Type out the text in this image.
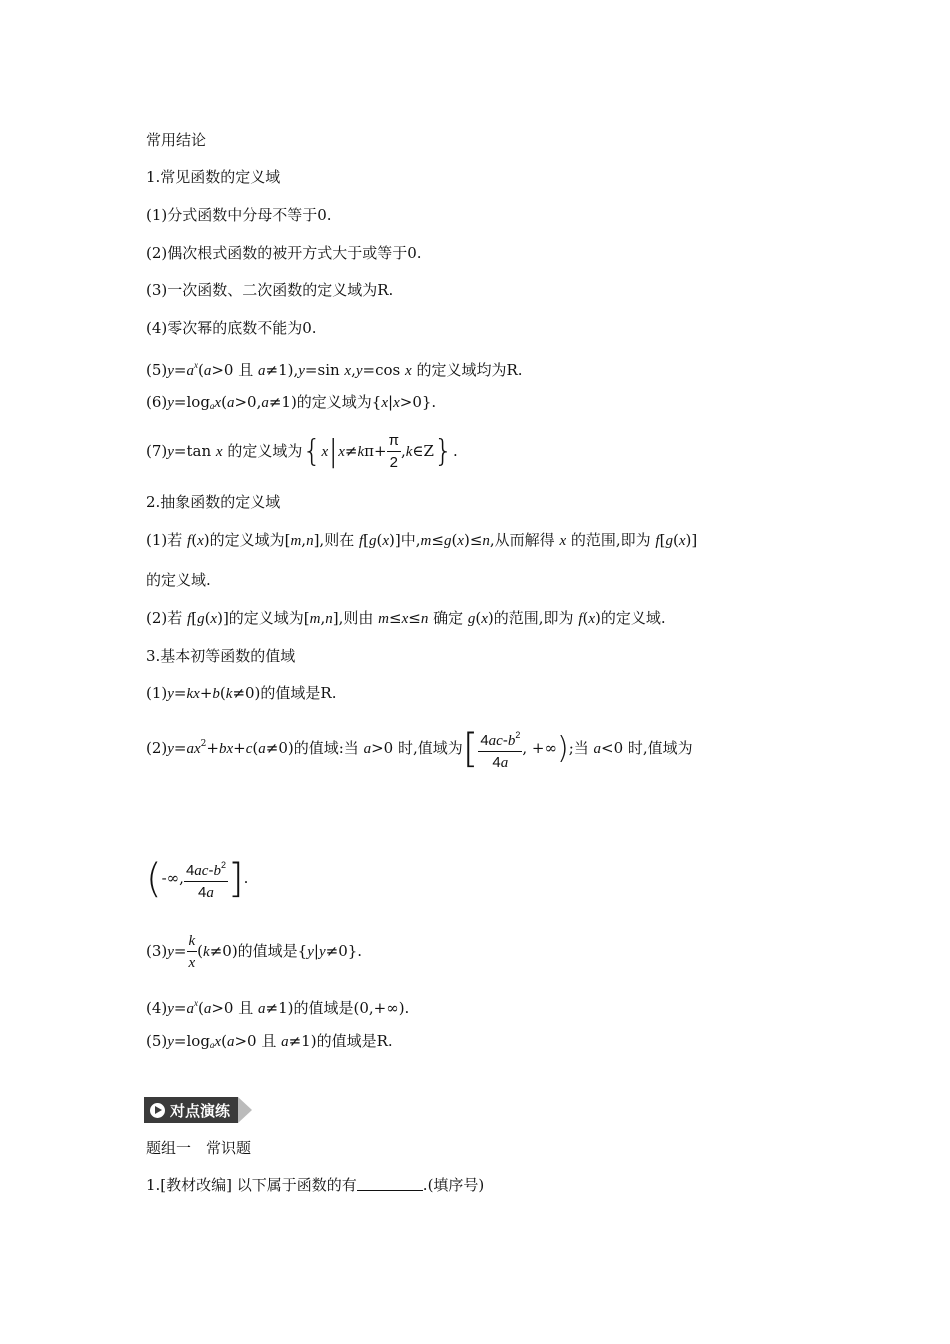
常用结论
1.常见函数的定义域
(1)分式函数中分母不等于0.
(2)偶次根式函数的被开方式大于或等于0.
(3)一次函数、二次函数的定义域为R.
(4)零次幂的底数不能为0.
$(5)y=a^x(a>0$ 且 a≠1),y=sin x,y=cos x 的定义域均为R.
$(6)y=\log_ax(a>0,a\ne 1)$的定义域为{x|x>0}.
(7)y=tan x 的定义域为{$x|x\ne k\pi+ \frac{\pi}{2}$ ,k∈Z}.
2.抽象函数的定义域
(1)若 f(x)的定义域为[m,n],则在 f[g(x)]中,m≤g(x)≤n,从而解得 x 的范围,即为 f[g(x)]
的定义域.
(2)若 f[g(x)]的定义域为[m,n],则由 m≤x≤n 确定 g(x)的范围,即为 f(x)的定义域.
3.基本初等函数的值域
(1)y=kx+b(k≠0)的值域是R.
$(2)y=ax^2+bx+c(a\ne 0)$的值域:当 a>0 时,值域为[ $\frac{4ac-b^2}{4a}$ , +∞);当 a<0 时,值域为
(-∞, $\frac{4ac-b^2}{4a}$ ].
$(3)y= \frac{k}{x} (k\ne 0)$的值域是{y|y≠0}.
$(4)y=a^x(a>0$ 且 a≠1)的值域是(0,+∞).
$(5)y=\log_ax(a>0$ 且 a≠1)的值域是R.
对点演练
题组一　常识题
1.[教材改编] 以下属于函数的有	.(填序号)
